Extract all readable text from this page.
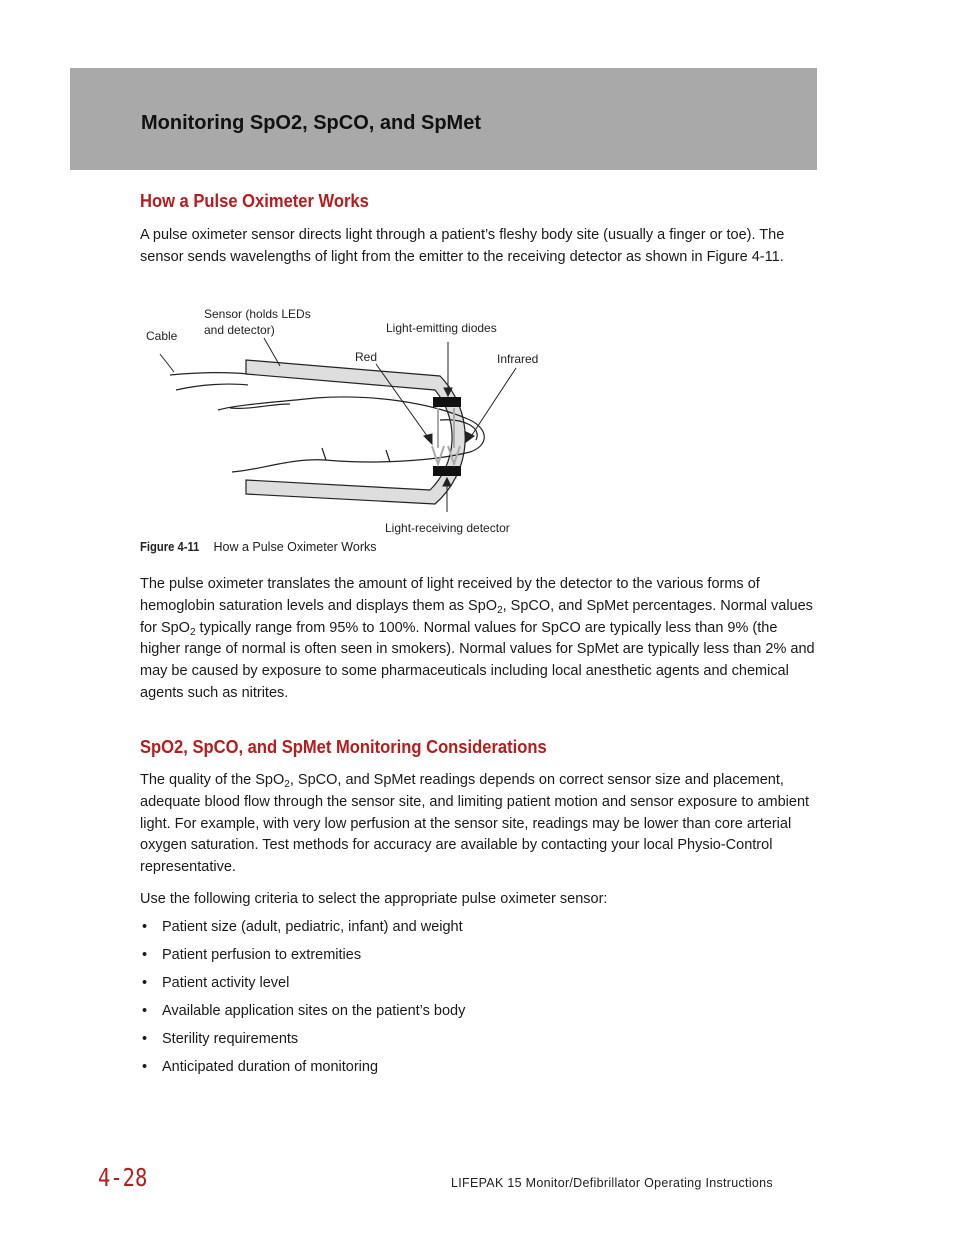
Monitoring SpO2, SpCO, and SpMet
How a Pulse Oximeter Works

A pulse oximeter sensor directs light through a patient’s fleshy body site (usually a finger or toe). The sensor sends wavelengths of light from the emitter to the receiving detector as shown in Figure 4-11.

Cable
Sensor (holds LEDs
and detector)	Light-emitting diodes
Red	Infrared
Light-receiving detector
Figure 4-11 How a Pulse Oximeter Works

The pulse oximeter translates the amount of light received by the detector to the various forms of hemoglobin saturation levels and displays them as SpO$_2$, SpCO, and SpMet percentages. Normal values for SpO$_2$ typically range from 95% to 100%. Normal values for SpCO are typically less than 9% (the higher range of normal is often seen in smokers). Normal values for SpMet are typically less than 2% and may be caused by exposure to some pharmaceuticals including local anesthetic agents and chemical agents such as nitrites.

SpO2, SpCO, and SpMet Monitoring Considerations

The quality of the SpO$_2$, SpCO, and SpMet readings depends on correct sensor size and placement, adequate blood flow through the sensor site, and limiting patient motion and sensor exposure to ambient light. For example, with very low perfusion at the sensor site, readings may be lower than core arterial oxygen saturation. Test methods for accuracy are available by contacting your local Physio-Control representative.

Use the following criteria to select the appropriate pulse oximeter sensor:

• Patient size (adult, pediatric, infant) and weight
• Patient perfusion to extremities
• Patient activity level
• Available application sites on the patient’s body
• Sterility requirements
• Anticipated duration of monitoring
4-28	LIFEPAK 15 Monitor/Defibrillator Operating Instructions
